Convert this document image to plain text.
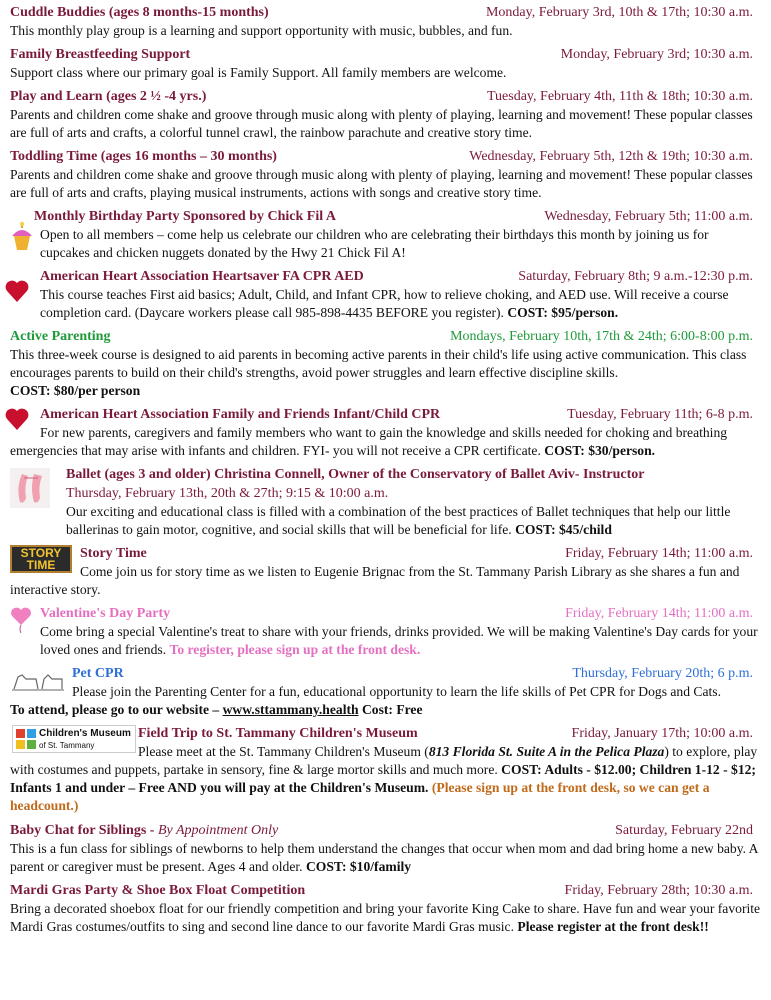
Cuddle Buddies (ages 8 months-15 months)	Monday, February 3rd, 10th & 17th; 10:30 a.m.
This monthly play group is a learning and support opportunity with music, bubbles, and fun.
Family Breastfeeding Support	Monday, February 3rd; 10:30 a.m.
Support class where our primary goal is Family Support. All family members are welcome.
Play and Learn (ages 2 ½ -4 yrs.)	Tuesday, February 4th, 11th & 18th; 10:30 a.m.
Parents and children come shake and groove through music along with plenty of playing, learning and movement! These popular classes are full of arts and crafts, a colorful tunnel crawl, the rainbow parachute and creative story time.
Toddling Time (ages 16 months – 30 months)	Wednesday, February 5th, 12th & 19th; 10:30 a.m.
Parents and children come shake and groove through music along with plenty of playing, learning and movement! These popular classes are full of arts and crafts, playing musical instruments, actions with songs and creative story time.
Monthly Birthday Party Sponsored by Chick Fil A	Wednesday, February 5th; 11:00 a.m.
Open to all members – come help us celebrate our children who are celebrating their birthdays this month by joining us for cupcakes and chicken nuggets donated by the Hwy 21 Chick Fil A!
American Heart Association Heartsaver FA CPR AED	Saturday, February 8th; 9 a.m.-12:30 p.m.
This course teaches First aid basics; Adult, Child, and Infant CPR, how to relieve choking, and AED use. Will receive a course completion card. (Daycare workers please call 985-898-4435 BEFORE you register). COST: $95/person.
Active Parenting	Mondays, February 10th, 17th & 24th; 6:00-8:00 p.m.
This three-week course is designed to aid parents in becoming active parents in their child's life using active communication. This class encourages parents to build on their child's strengths, avoid power struggles and learn effective discipline skills.
COST: $80/per person
American Heart Association Family and Friends Infant/Child CPR	Tuesday, February 11th; 6-8 p.m.
For new parents, caregivers and family members who want to gain the knowledge and skills needed for choking and breathing emergencies that may arise with infants and children. FYI- you will not receive a CPR certificate. COST: $30/person.
Ballet (ages 3 and older) Christina Connell, Owner of the Conservatory of Ballet Aviv- Instructor
Thursday, February 13th, 20th & 27th; 9:15 & 10:00 a.m.
Our exciting and educational class is filled with a combination of the best practices of Ballet techniques that help our little ballerinas to gain motor, cognitive, and social skills that will be beneficial for life. COST: $45/child
STORY TIME
Story Time	Friday, February 14th; 11:00 a.m.
Come join us for story time as we listen to Eugenie Brignac from the St. Tammany Parish Library as she shares a fun and interactive story.
Valentine's Day Party	Friday, February 14th; 11:00 a.m.
Come bring a special Valentine's treat to share with your friends, drinks provided. We will be making Valentine's Day cards for your loved ones and friends. To register, please sign up at the front desk.
Pet CPR	Thursday, February 20th; 6 p.m.
Please join the Parenting Center for a fun, educational opportunity to learn the life skills of Pet CPR for Dogs and Cats.
To attend, please go to our website – www.sttammany.health Cost: Free
Children's Museum
of St. Tammany
Field Trip to St. Tammany Children's Museum	Friday, January 17th; 10:00 a.m.
Please meet at the St. Tammany Children's Museum (813 Florida St. Suite A in the Pelica Plaza) to explore, play with costumes and puppets, partake in sensory, fine & large mortor skills and much more. COST: Adults - $12.00; Children 1-12 - $12; Infants 1 and under – Free AND you will pay at the Children's Museum. (Please sign up at the front desk, so we can get a headcount.)
Baby Chat for Siblings - By Appointment Only	Saturday, February 22nd
This is a fun class for siblings of newborns to help them understand the changes that occur when mom and dad bring home a new baby. A parent or caregiver must be present. Ages 4 and older. COST: $10/family
Mardi Gras Party & Shoe Box Float Competition	Friday, February 28th; 10:30 a.m.
Bring a decorated shoebox float for our friendly competition and bring your favorite King Cake to share. Have fun and wear your favorite Mardi Gras costumes/outfits to sing and second line dance to our favorite Mardi Gras music. Please register at the front desk!!
